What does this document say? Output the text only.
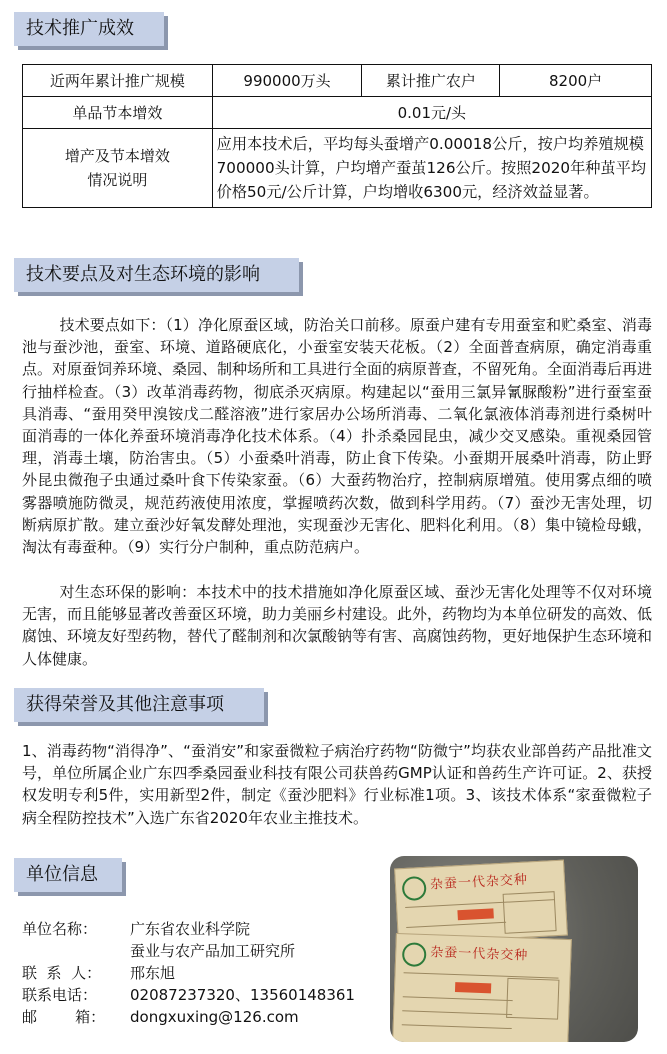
技术推广成效
近两年累计推广规模	990000万头	累计推广农户	8200户
单品节本增效	0.01元/头		

增产及节本增效
情况说明	应用本技术后，平均每头蚕增产0.00018公斤，按户均养殖规模700000头计算，户均增产蚕茧126公斤。按照2020年种茧平均价格50元/公斤计算，户均增收6300元，经济效益显著。		
技术要点及对生态环境的影响

技术要点如下：（1）净化原蚕区域，防治关口前移。原蚕户建有专用蚕室和贮桑室、消毒池与蚕沙池，蚕室、环境、道路硬底化，小蚕室安装天花板。（2）全面普查病原，确定消毒重点。对原蚕饲养环境、桑园、制种场所和工具进行全面的病原普查，不留死角。全面消毒后再进行抽样检查。（3）改革消毒药物，彻底杀灭病原。构建起以“蚕用三氯异氰脲酸粉”进行蚕室蚕具消毒、“蚕用癸甲溴铵戊二醛溶液”进行家居办公场所消毒、二氧化氯液体消毒剂进行桑树叶面消毒的一体化养蚕环境消毒净化技术体系。（4）扑杀桑园昆虫，减少交叉感染。重视桑园管理，消毒土壤，防治害虫。（5）小蚕桑叶消毒，防止食下传染。小蚕期开展桑叶消毒，防止野外昆虫微孢子虫通过桑叶食下传染家蚕。（6）大蚕药物治疗，控制病原增殖。使用雾点细的喷雾器喷施防微灵，规范药液使用浓度，掌握喷药次数，做到科学用药。（7）蚕沙无害处理，切断病原扩散。建立蚕沙好氧发酵处理池，实现蚕沙无害化、肥料化利用。（8）集中镜检母蛾，淘汰有毒蚕种。（9）实行分户制种，重点防范病户。

对生态环保的影响：本技术中的技术措施如净化原蚕区域、蚕沙无害化处理等不仅对环境无害，而且能够显著改善蚕区环境，助力美丽乡村建设。此外，药物均为本单位研发的高效、低腐蚀、环境友好型药物，替代了醛制剂和次氯酸钠等有害、高腐蚀药物，更好地保护生态环境和人体健康。

获得荣誉及其他注意事项

1、消毒药物“消得净”、“蚕消安”和家蚕微粒子病治疗药物“防微宁”均获农业部兽药产品批准文号，单位所属企业广东四季桑园蚕业科技有限公司获兽药GMP认证和兽药生产许可证。2、获授权发明专利5件，实用新型2件，制定《蚕沙肥料》行业标准1项。3、该技术体系“家蚕微粒子病全程防控技术”入选广东省2020年农业主推技术。

单位信息
单位名称：	广东省农业科学院
蚕业与农产品加工研究所
联  系  人：	邢东旭
联系电话：	02087237320、13560148361
邮        箱：	dongxuxing@126.com
杂蚕一代杂交种
杂蚕一代杂交种
